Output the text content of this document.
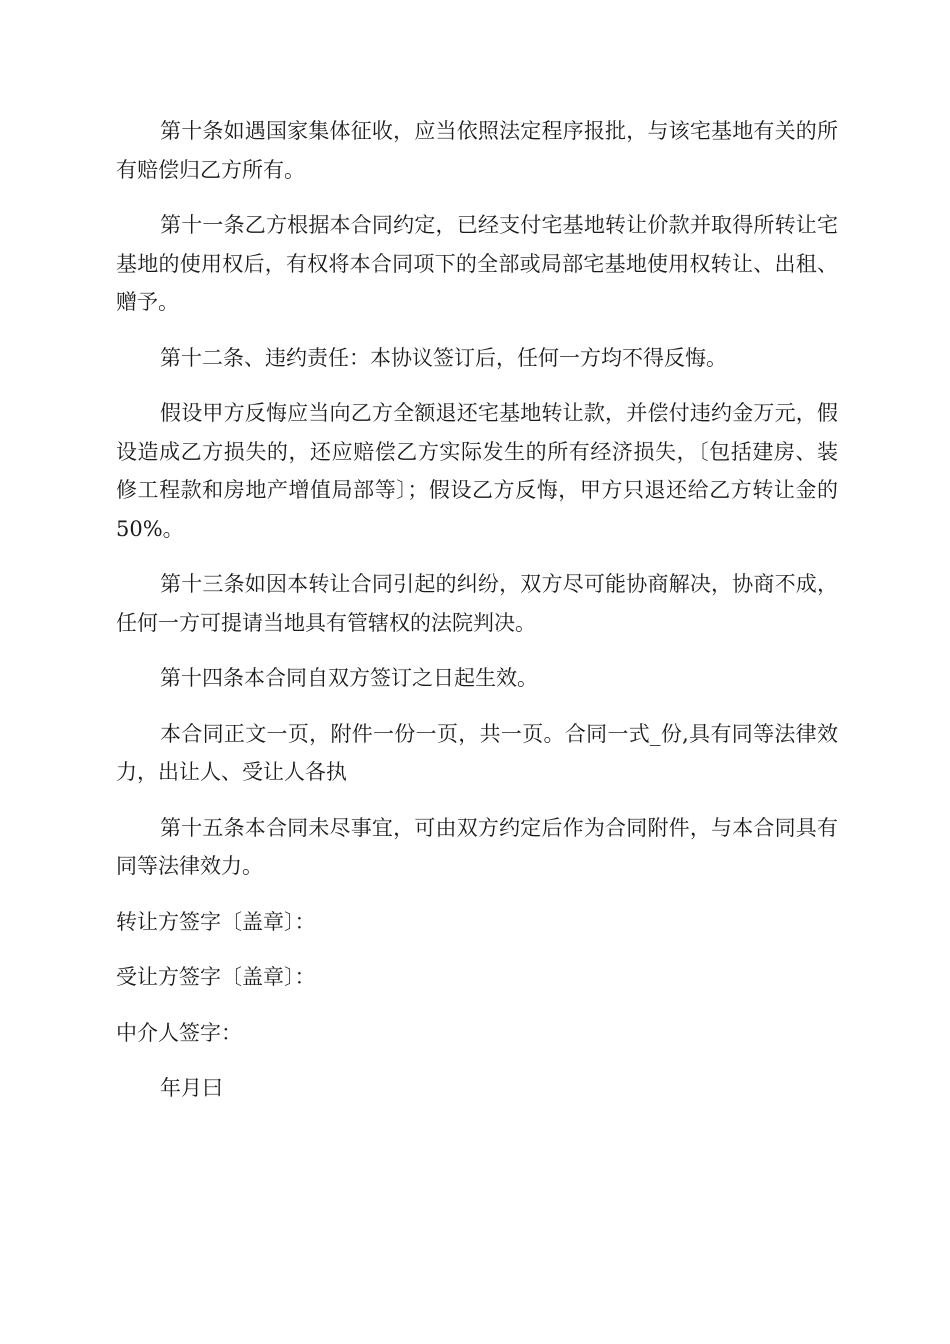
第十条如遇国家集体征收，应当依照法定程序报批，与该宅基地有关的所有赔偿归乙方所有。

第十一条乙方根据本合同约定，已经支付宅基地转让价款并取得所转让宅基地的使用权后，有权将本合同项下的全部或局部宅基地使用权转让、出租、赠予。

第十二条、违约责任：本协议签订后，任何一方均不得反悔。

假设甲方反悔应当向乙方全额退还宅基地转让款，并偿付违约金万元，假设造成乙方损失的，还应赔偿乙方实际发生的所有经济损失，〔包括建房、装修工程款和房地产增值局部等〕；假设乙方反悔，甲方只退还给乙方转让金的50%。

第十三条如因本转让合同引起的纠纷，双方尽可能协商解决，协商不成，任何一方可提请当地具有管辖权的法院判决。

第十四条本合同自双方签订之日起生效。

本合同正文一页，附件一份一页，共一页。合同一式_份,具有同等法律效力，出让人、受让人各执

第十五条本合同未尽事宜，可由双方约定后作为合同附件，与本合同具有同等法律效力。

转让方签字〔盖章〕：

受让方签字〔盖章〕：

中介人签字：

年月曰
